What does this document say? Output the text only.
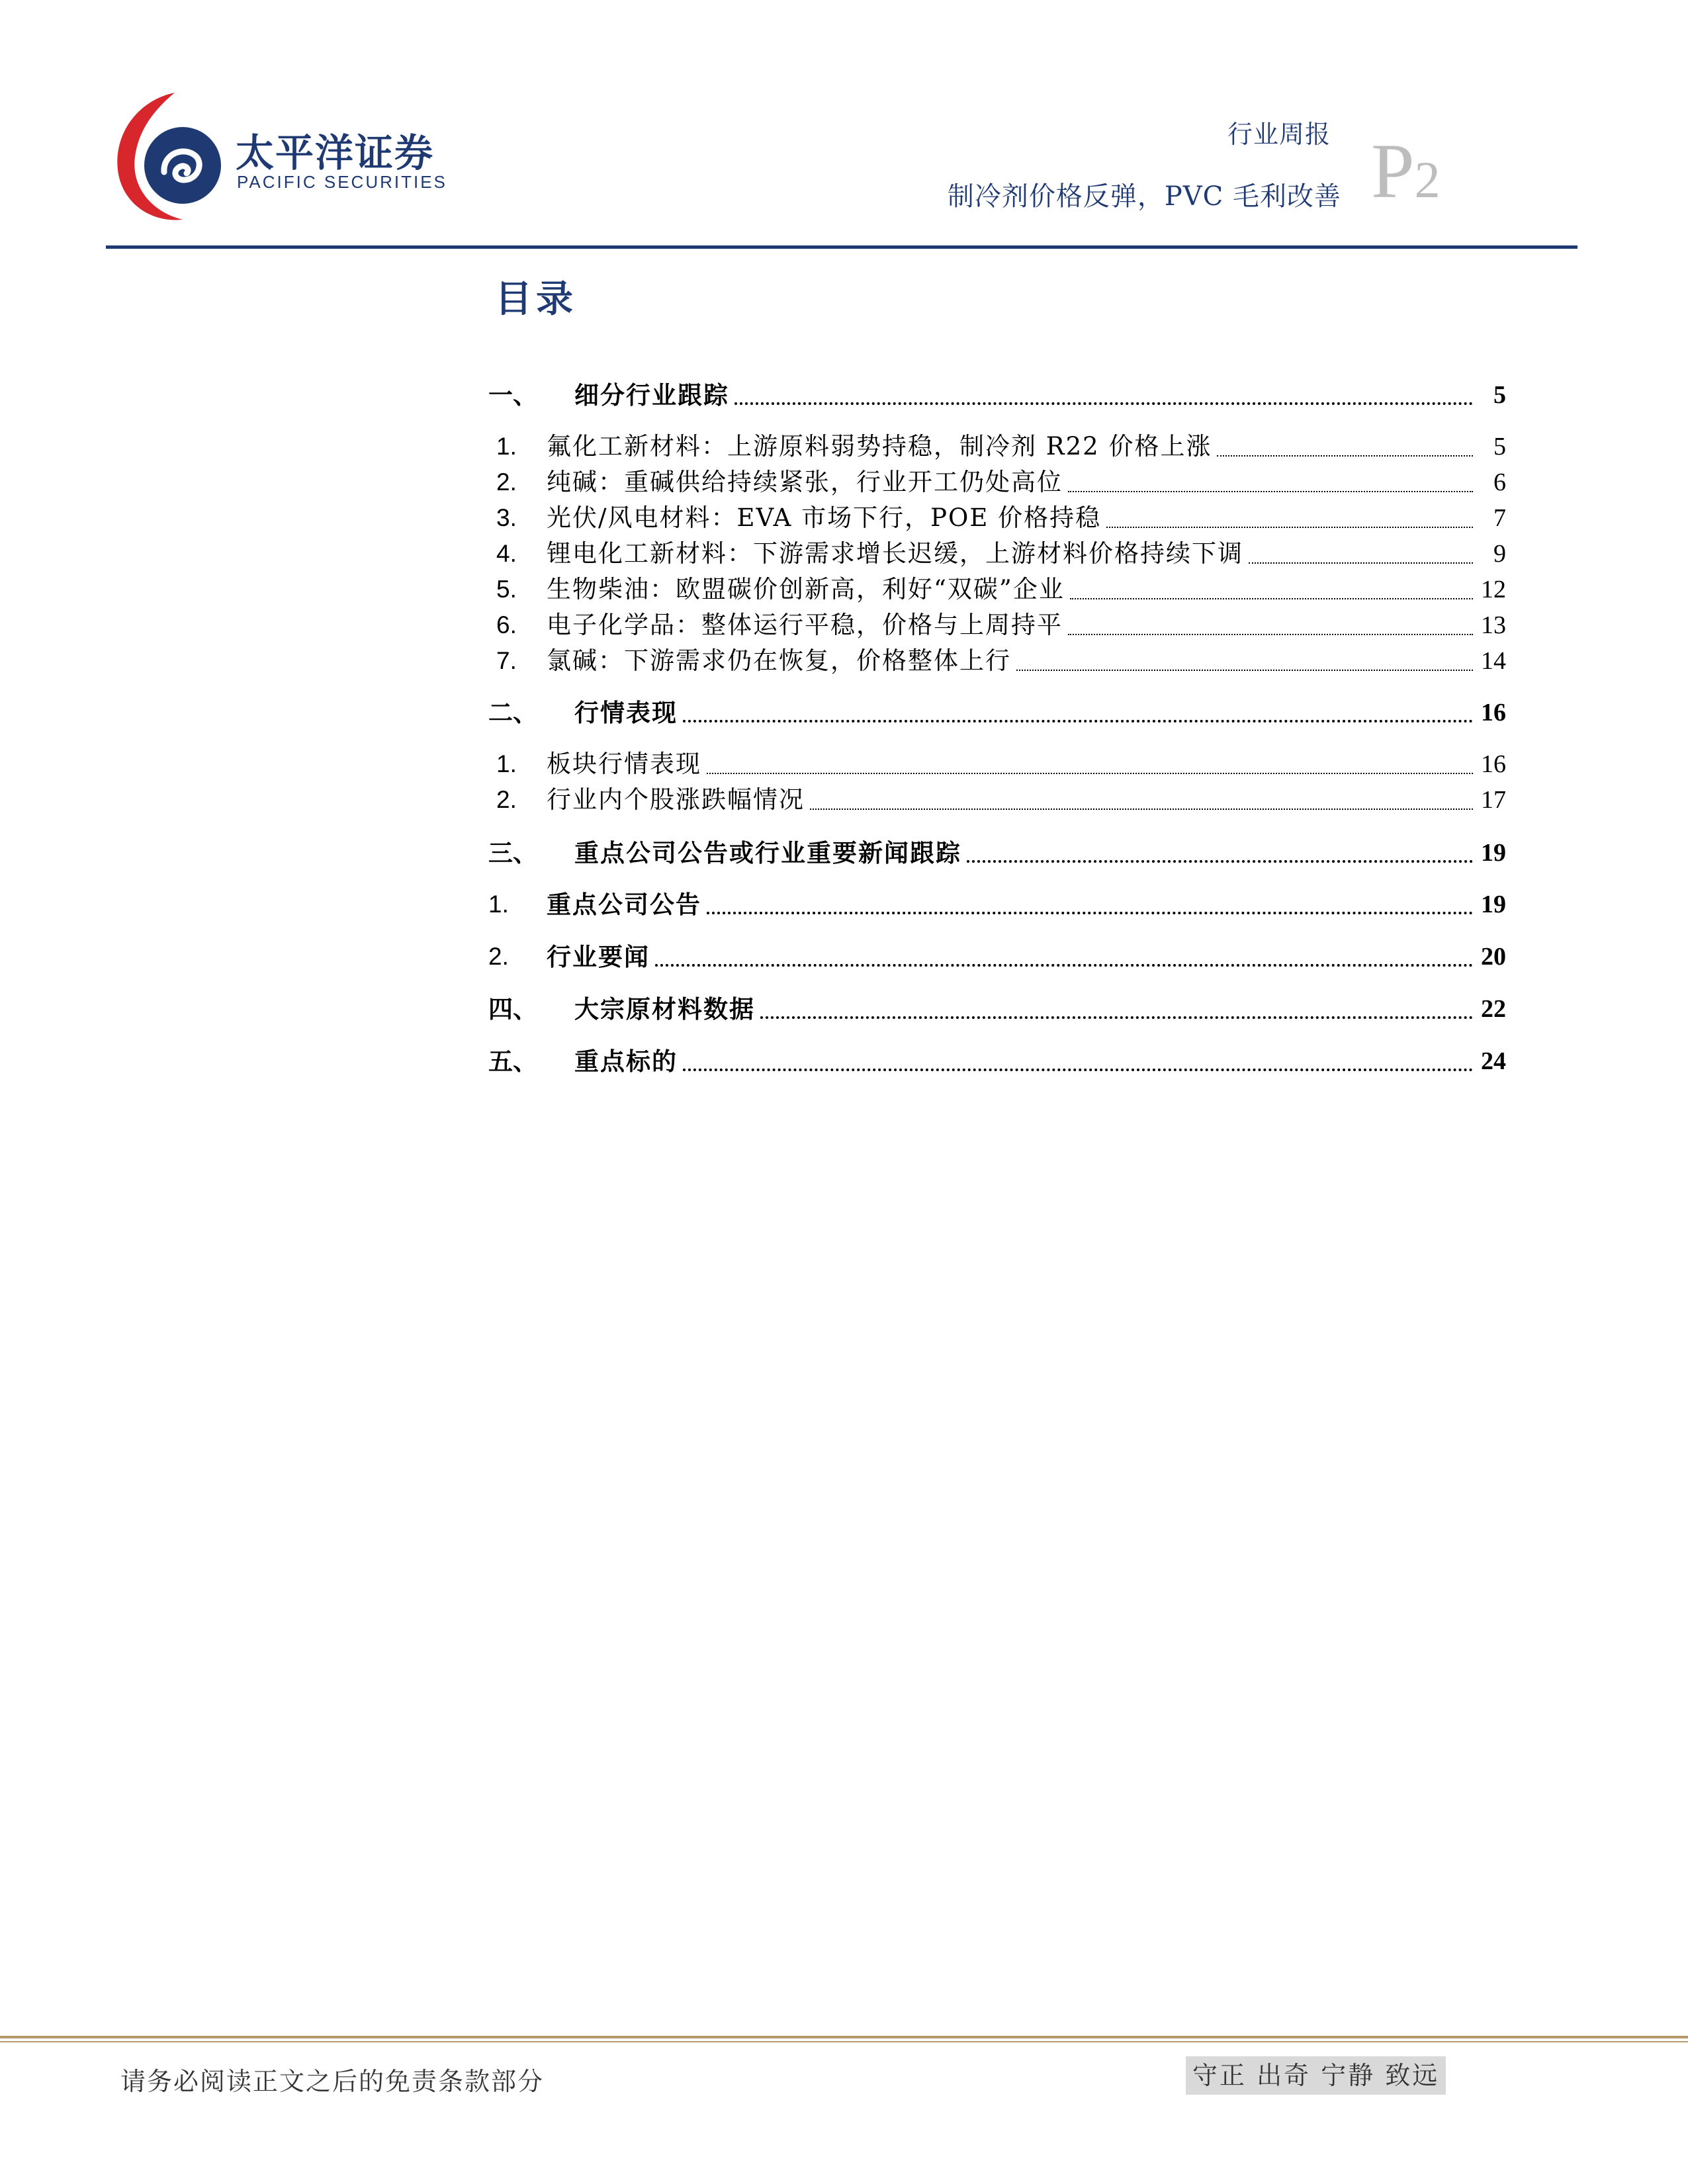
太平洋证券
PACIFIC SECURITIES
行业周报
制冷剂价格反弹，PVC 毛利改善 P2
目录
一、	细分行业跟踪	5
1.	氟化工新材料：上游原料弱势持稳，制冷剂 R22 价格上涨	5
2.	纯碱：重碱供给持续紧张，行业开工仍处高位	6
3.	光伏/风电材料：EVA 市场下行，POE 价格持稳	7
4.	锂电化工新材料：下游需求增长迟缓，上游材料价格持续下调	9
5.	生物柴油：欧盟碳价创新高，利好“双碳”企业	12
6.	电子化学品：整体运行平稳，价格与上周持平	13
7.	氯碱：下游需求仍在恢复，价格整体上行	14
二、	行情表现	16
1.	板块行情表现	16
2.	行业内个股涨跌幅情况	17
三、	重点公司公告或行业重要新闻跟踪	19
1.	重点公司公告	19
2.	行业要闻	20
四、	大宗原材料数据	22
五、	重点标的	24
请务必阅读正文之后的免责条款部分	守正 出奇 宁静 致远
